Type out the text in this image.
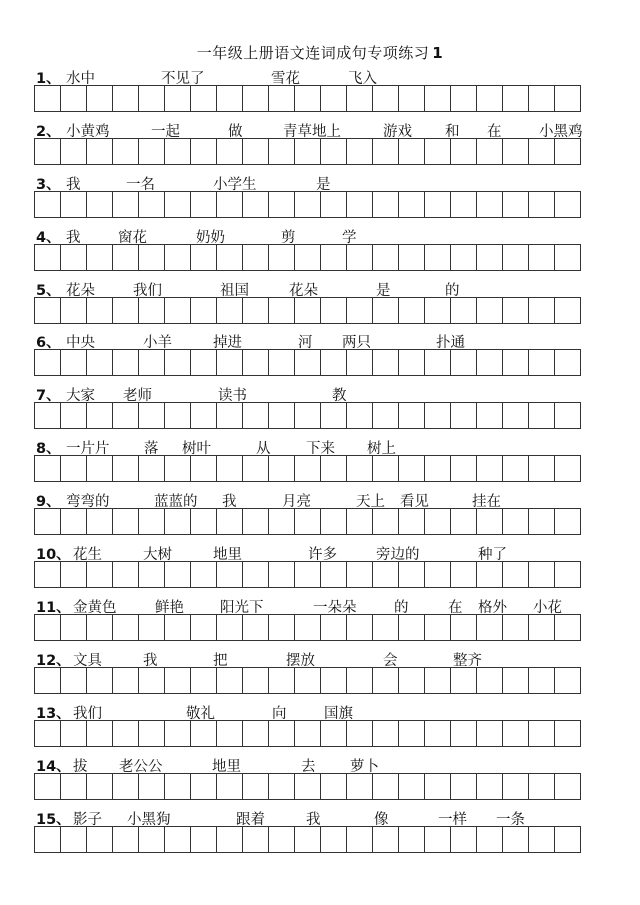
一年级上册语文连词成句专项练习 1
1、 水中	不见了	雪花	飞入
2、 小黄鸡	一起	做	青草地上	游戏 和 在	小黑鸡
3、 我	一名	小学生	是
4、 我	窗花	奶奶	剪	学
5、 花朵	我们	祖国	花朵	是	的
6、 中央	小羊	掉进	河 两只	扑通
7、 大家 老师	读书	教
8、 一片片 落 树叶	从 下来 树上
9、 弯弯的	蓝蓝的 我	月亮	天上 看见	挂在
10、 花生	大树	地里	许多	旁边的	种了
11、 金黄色	鲜艳 阳光下	一朵朵	的	在 格外 小花
12、 文具	我	把	摆放	会	整齐
13、 我们	敬礼	向	国旗
14、 拔 老公公	地里	去 萝卜
15、 影子 小黑狗	跟着	我	像	一样 一条
